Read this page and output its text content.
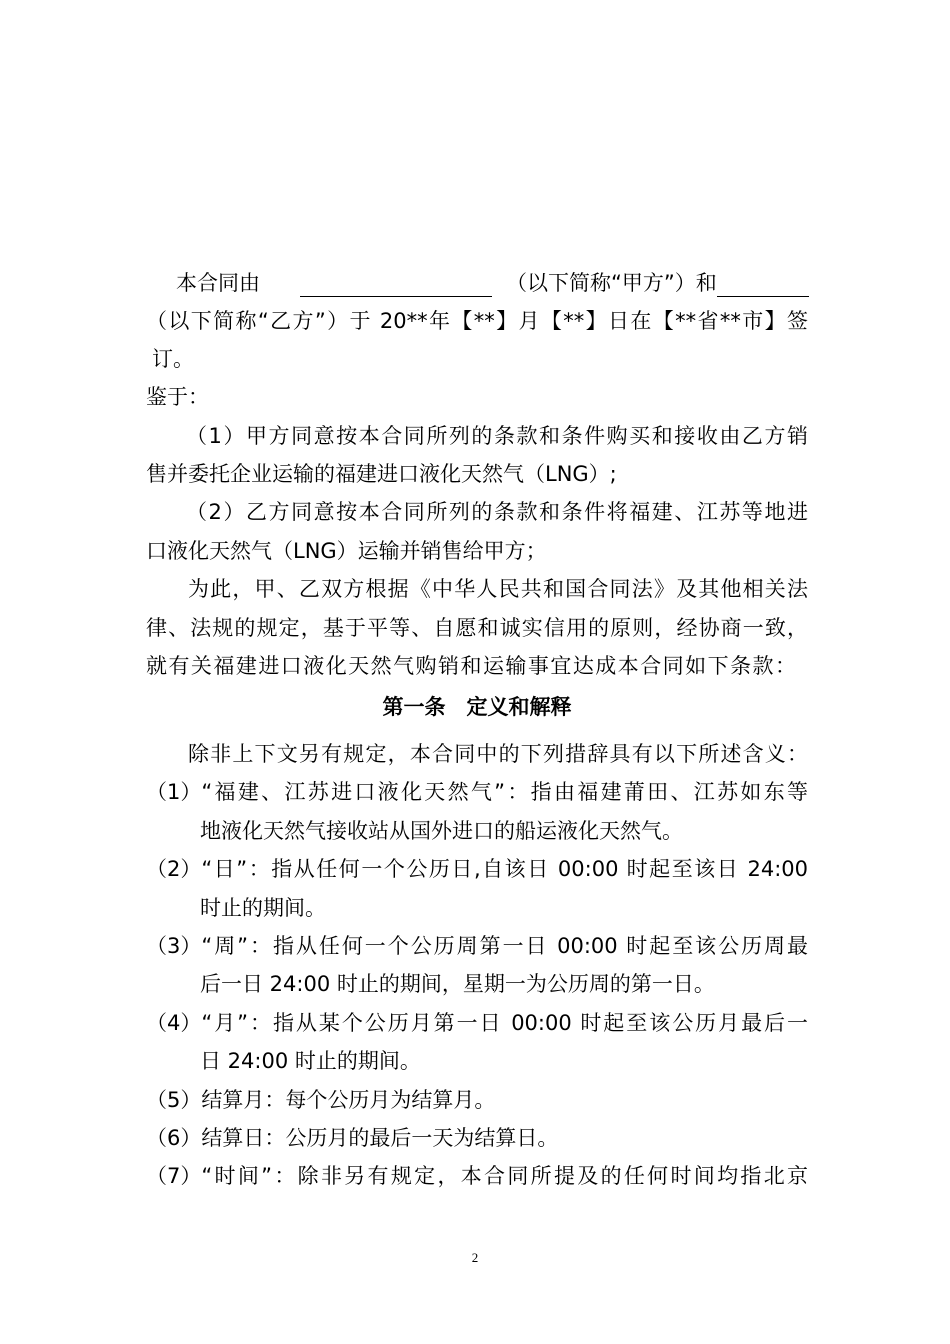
本合同由	（以下简称“甲方”）和
（以下简称“乙方”）于 20**年【**】月【**】日在【**省**市】签
订。
鉴于：
（1）甲方同意按本合同所列的条款和条件购买和接收由乙方销
售并委托企业运输的福建进口液化天然气（LNG）;
（2）乙方同意按本合同所列的条款和条件将福建、江苏等地进
口液化天然气（LNG）运输并销售给甲方；
为此，甲、乙双方根据《中华人民共和国合同法》及其他相关法
律、法规的规定，基于平等、自愿和诚实信用的原则，经协商一致，
就有关福建进口液化天然气购销和运输事宜达成本合同如下条款：
第一条　定义和解释
除非上下文另有规定，本合同中的下列措辞具有以下所述含义：
（1）“福建、江苏进口液化天然气”：指由福建莆田、江苏如东等
地液化天然气接收站从国外进口的船运液化天然气。
（2）“日”：指从任何一个公历日,自该日 00:00 时起至该日 24:00
时止的期间。
（3）“周”：指从任何一个公历周第一日 00:00 时起至该公历周最
后一日 24:00 时止的期间，星期一为公历周的第一日。
（4）“月”：指从某个公历月第一日 00:00 时起至该公历月最后一
日 24:00 时止的期间。
（5）结算月：每个公历月为结算月。
（6）结算日：公历月的最后一天为结算日。
（7）“时间”：除非另有规定，本合同所提及的任何时间均指北京
2
